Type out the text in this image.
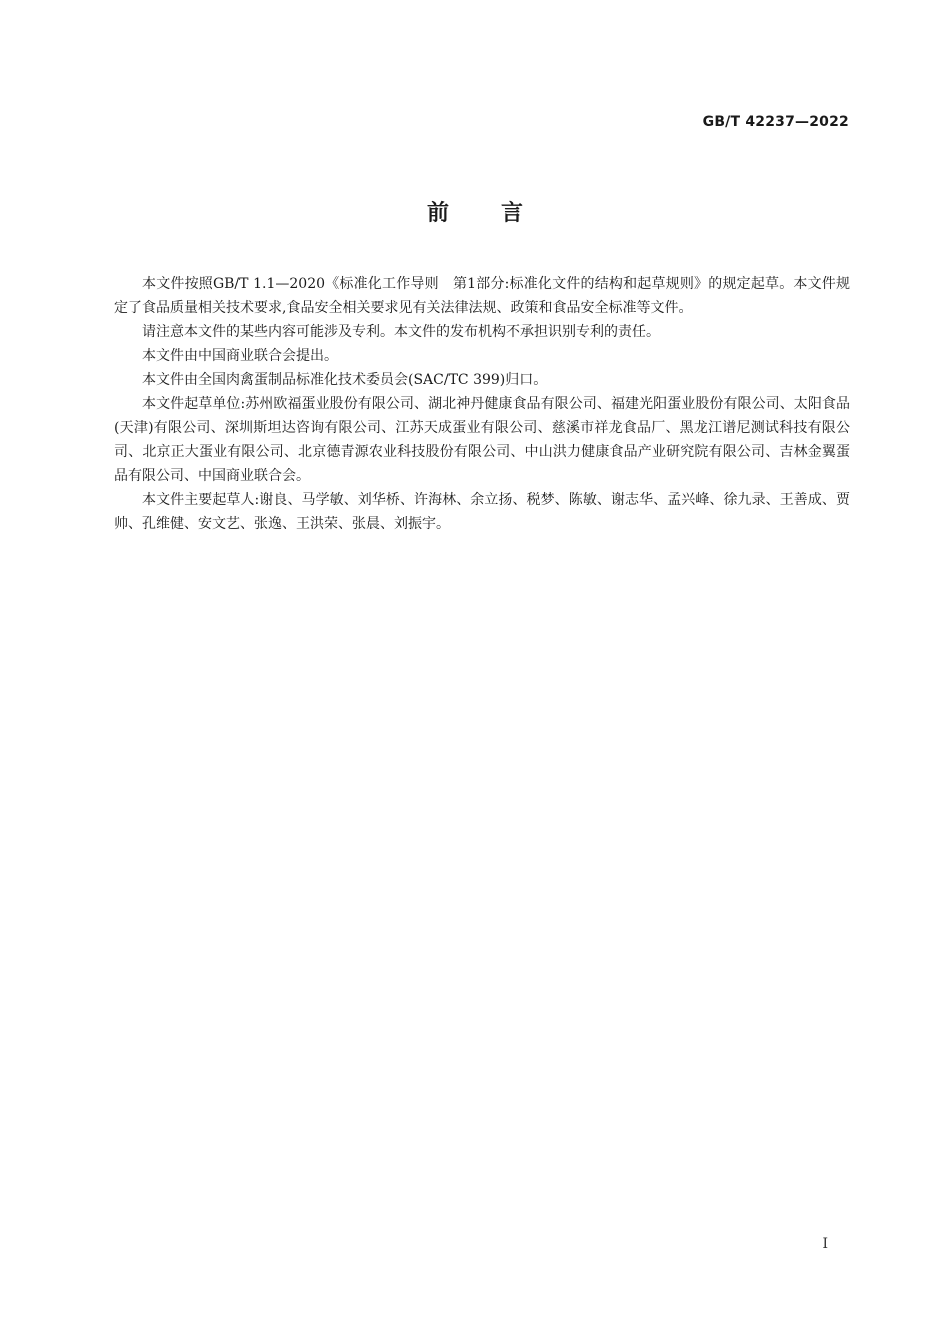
GB/T 42237—2022
前言

本文件按照GB/T 1.1—2020《标准化工作导则　第1部分:标准化文件的结构和起草规则》的规定起草。本文件规定了食品质量相关技术要求,食品安全相关要求见有关法律法规、政策和食品安全标准等文件。

请注意本文件的某些内容可能涉及专利。本文件的发布机构不承担识别专利的责任。

本文件由中国商业联合会提出。

本文件由全国肉禽蛋制品标准化技术委员会(SAC/TC 399)归口。

本文件起草单位:苏州欧福蛋业股份有限公司、湖北神丹健康食品有限公司、福建光阳蛋业股份有限公司、太阳食品(天津)有限公司、深圳斯坦达咨询有限公司、江苏天成蛋业有限公司、慈溪市祥龙食品厂、黑龙江谱尼测试科技有限公司、北京正大蛋业有限公司、北京德青源农业科技股份有限公司、中山洪力健康食品产业研究院有限公司、吉林金翼蛋品有限公司、中国商业联合会。

本文件主要起草人:谢良、马学敏、刘华桥、许海林、余立扬、税梦、陈敏、谢志华、孟兴峰、徐九录、王善成、贾帅、孔维健、安文艺、张逸、王洪荣、张晨、刘振宇。

I
